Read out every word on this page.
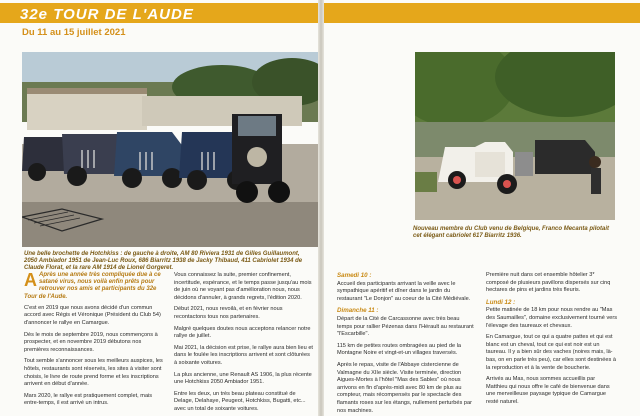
32e TOUR DE L'AUDE
Du 11 au 15 juillet 2021
Une belle brochette de Hotchkiss : de gauche à droite, AM 80 Riviera 1931 de Gilles Guillaumont, 2050 Ambiador 1951 de Jean-Luc Roux, 686 Biarritz 1938 de Jacky Thibaud, 411 Cabriolet 1934 de Claude Florat, et la rare AM 1914 de Lionel Gorgeret.
Nouveau membre du Club venu de Belgique, Franco Mecanta pilotait cet élégant cabriolet 617 Biarritz 1936.

A Après une année très compliquée due à ce satané virus, nous voilà enfin prêts pour retrouver nos amis et participants du 32e Tour de l'Aude.

C'est en 2019 que nous avons décidé d'un commun accord avec Régis et Véronique (Président du Club 54) d'annoncer le rallye en Camargue.

Dès le mois de septembre 2019, nous commençons à prospecter, et en novembre 2019 débutons nos premières reconnaissances.

Tout semble s'annoncer sous les meilleurs auspices, les hôtels, restaurants sont réservés, les sites à visiter sont choisis, le livre de route prend forme et les inscriptions arrivent en début d'année.

Mars 2020, le rallye est pratiquement complet, mais entre-temps, il est arrivé un intrus.

Vous connaissez la suite, premier confinement, incertitude, espérance, et le temps passe jusqu'au mois de juin où ne voyant pas d'amélioration nous, nous décidons d'annuler, à grands regrets, l'édition 2020.

Début 2021, nous revoilà, et en février nous recontactons tous nos partenaires.

Malgré quelques doutes nous acceptons relancer notre rallye de juillet.

Mai 2021, la décision est prise, le rallye aura bien lieu et dans le foulée les inscriptions arrivent et sont clôturées à soixante voitures.

La plus ancienne, une Renault AS 1906, la plus récente une Hotchkiss 2050 Ambiador 1951.

Entre les deux, un très beau plateau constitué de Delage, Delahaye, Peugeot, Hotchkiss, Bugatti, etc... avec un total de soixante voitures.

Samedi 10 :

Accueil des participants arrivant la veille avec le sympathique apéritif et dîner dans le jardin du restaurant "Le Donjon" au coeur de la Cité Médiévale.

Dimanche 11 :

Départ de la Cité de Carcassonne avec très beau temps pour rallier Pézenas dans l'Hérault au restaurant "l'Escarbille".

115 km de petites routes ombragées au pied de la Montagne Noire et vingt-et-un villages traversés.

Après le repas, visite de l'Abbaye cistercienne de Valmagne du XIIe siècle. Visite terminée, direction Aigues-Mortes à l'hôtel "Mas des Sables" où nous arrivons en fin d'après-midi avec 80 km de plus au compteur, mais récompensés par le spectacle des flamants roses sur les étangs, nullement perturbés par nos machines.

Première nuit dans cet ensemble hôtelier 3* composé de plusieurs pavillons dispersés sur cinq hectares de pins et jardins très fleuris.

Lundi 12 :

Petite matinée de 18 km pour nous rendre au "Mas des Saumailles", domaine exclusivement tourné vers l'élevage des taureaux et chevaux.

En Camargue, tout ce qui a quatre pattes et qui est blanc est un cheval, tout ce qui est noir est un taureau. Il y a bien sûr des vaches (noires mais, là-bas, on en parle très peu), car elles sont destinées à la reproduction et à la vente de boucherie.

Arrivés au Mas, nous sommes accueillis par Matthieu qui nous offre le café de bienvenue dans une merveilleuse paysage typique de Camargue resté naturel.
